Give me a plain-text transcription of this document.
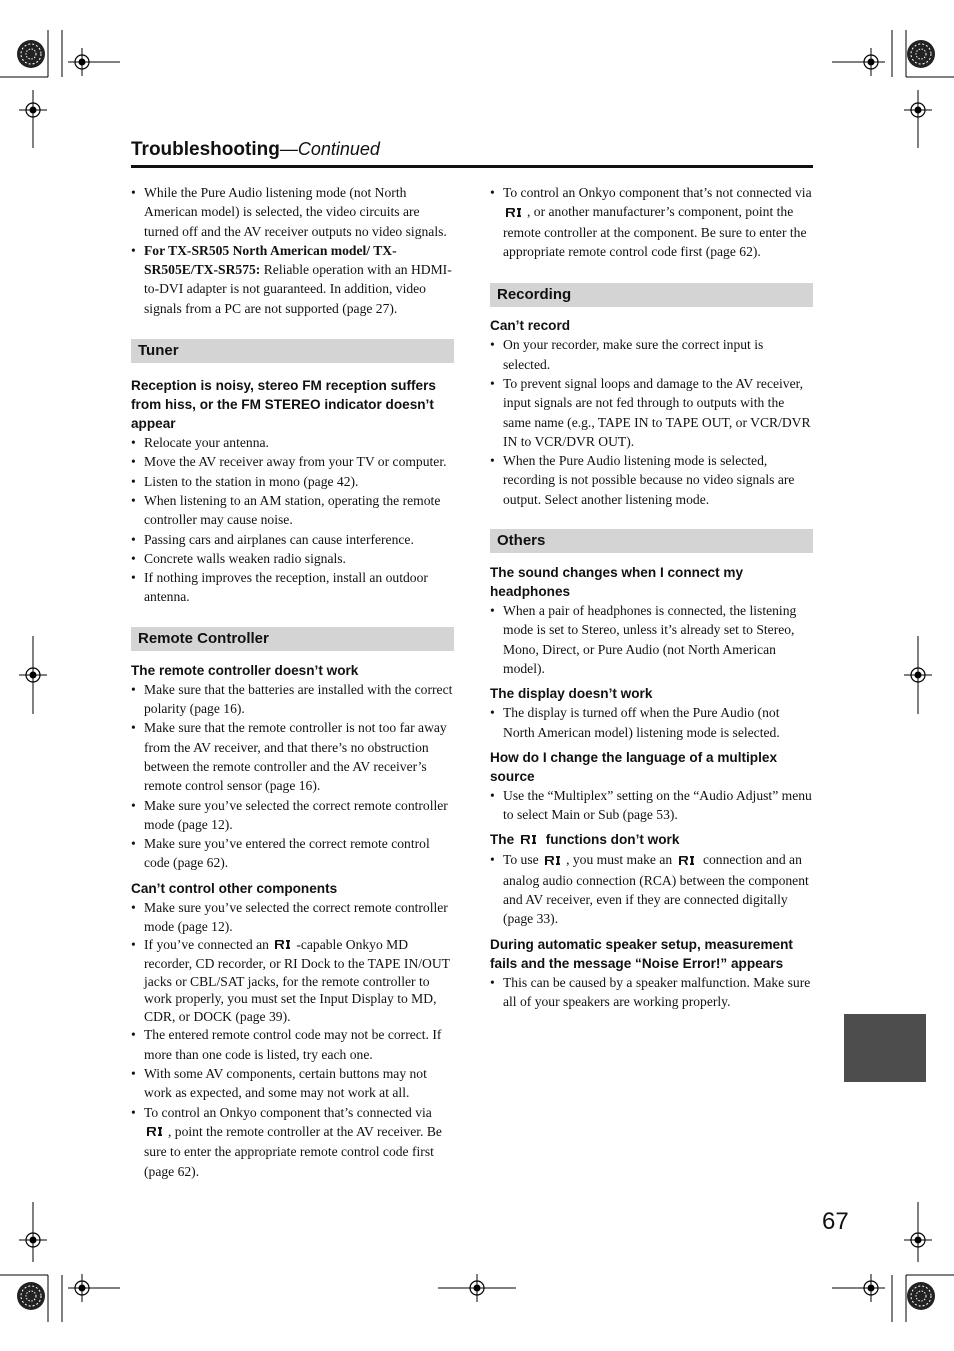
Troubleshooting—Continued
• While the Pure Audio listening mode (not North American model) is selected, the video circuits are turned off and the AV receiver outputs no video signals.
• For TX-SR505 North American model/ TX-SR505E/TX-SR575: Reliable operation with an HDMI-to-DVI adapter is not guaranteed. In addition, video signals from a PC are not supported (page 27).
Tuner

Reception is noisy, stereo FM reception suffers from hiss, or the FM STEREO indicator doesn’t appear

• Relocate your antenna.
• Move the AV receiver away from your TV or computer.
• Listen to the station in mono (page 42).
• When listening to an AM station, operating the remote controller may cause noise.
• Passing cars and airplanes can cause interference.
• Concrete walls weaken radio signals.
• If nothing improves the reception, install an outdoor antenna.
Remote Controller

The remote controller doesn’t work

• Make sure that the batteries are installed with the correct polarity (page 16).
• Make sure that the remote controller is not too far away from the AV receiver, and that there’s no obstruction between the remote controller and the AV receiver’s remote control sensor (page 16).
• Make sure you’ve selected the correct remote controller mode (page 12).
• Make sure you’ve entered the correct remote control code (page 62).

Can’t control other components

• Make sure you’ve selected the correct remote controller mode (page 12).
• If you’ve connected an -capable Onkyo MD recorder, CD recorder, or RI Dock to the TAPE IN/OUT jacks or CBL/SAT jacks, for the remote controller to work properly, you must set the Input Display to MD, CDR, or DOCK (page 39).
• The entered remote control code may not be correct. If more than one code is listed, try each one.
• With some AV components, certain buttons may not work as expected, and some may not work at all.
• To control an Onkyo component that’s connected via , point the remote controller at the AV receiver. Be sure to enter the appropriate remote control code first (page 62).
• To control an Onkyo component that’s not connected via , or another manufacturer’s component, point the remote controller at the component. Be sure to enter the appropriate remote control code first (page 62).
Recording

Can’t record

• On your recorder, make sure the correct input is selected.
• To prevent signal loops and damage to the AV receiver, input signals are not fed through to outputs with the same name (e.g., TAPE IN to TAPE OUT, or VCR/DVR IN to VCR/DVR OUT).
• When the Pure Audio listening mode is selected, recording is not possible because no video signals are output. Select another listening mode.
Others

The sound changes when I connect my headphones

• When a pair of headphones is connected, the listening mode is set to Stereo, unless it’s already set to Stereo, Mono, Direct, or Pure Audio (not North American model).

The display doesn’t work

• The display is turned off when the Pure Audio (not North American model) listening mode is selected.

How do I change the language of a multiplex source

• Use the “Multiplex” setting on the “Audio Adjust” menu to select Main or Sub (page 53).

The  functions don’t work

• To use , you must make an  connection and an analog audio connection (RCA) between the component and AV receiver, even if they are connected digitally (page 33).

During automatic speaker setup, measurement fails and the message “Noise Error!” appears

• This can be caused by a speaker malfunction. Make sure all of your speakers are working properly.
67
